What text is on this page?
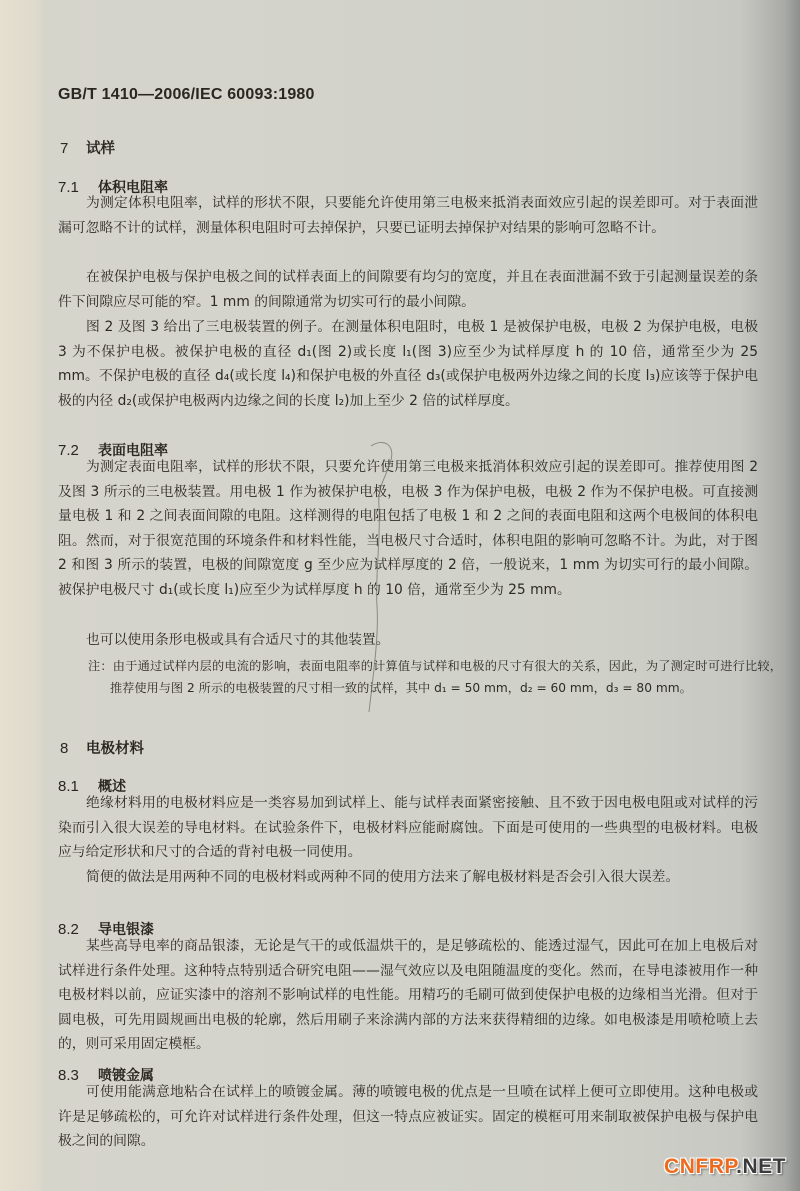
GB/T 1410—2006/IEC 60093:1980
7 试样
7.1 体积电阻率

为测定体积电阻率，试样的形状不限，只要能允许使用第三电极来抵消表面效应引起的误差即可。对于表面泄漏可忽略不计的试样，测量体积电阻时可去掉保护，只要已证明去掉保护对结果的影响可忽略不计。

在被保护电极与保护电极之间的试样表面上的间隙要有均匀的宽度，并且在表面泄漏不致于引起测量误差的条件下间隙应尽可能的窄。1 mm 的间隙通常为切实可行的最小间隙。

图 2 及图 3 给出了三电极装置的例子。在测量体积电阻时，电极 1 是被保护电极，电极 2 为保护电极，电极 3 为不保护电极。被保护电极的直径 d₁(图 2)或长度 l₁(图 3)应至少为试样厚度 h 的 10 倍，通常至少为 25 mm。不保护电极的直径 d₄(或长度 l₄)和保护电极的外直径 d₃(或保护电极两外边缘之间的长度 l₃)应该等于保护电极的内径 d₂(或保护电极两内边缘之间的长度 l₂)加上至少 2 倍的试样厚度。

7.2 表面电阻率

为测定表面电阻率，试样的形状不限，只要允许使用第三电极来抵消体积效应引起的误差即可。推荐使用图 2 及图 3 所示的三电极装置。用电极 1 作为被保护电极，电极 3 作为保护电极，电极 2 作为不保护电极。可直接测量电极 1 和 2 之间表面间隙的电阻。这样测得的电阻包括了电极 1 和 2 之间的表面电阻和这两个电极间的体积电阻。然而，对于很宽范围的环境条件和材料性能，当电极尺寸合适时，体积电阻的影响可忽略不计。为此，对于图 2 和图 3 所示的装置，电极的间隙宽度 g 至少应为试样厚度的 2 倍，一般说来，1 mm 为切实可行的最小间隙。被保护电极尺寸 d₁(或长度 l₁)应至少为试样厚度 h 的 10 倍，通常至少为 25 mm。

也可以使用条形电极或具有合适尺寸的其他装置。

注：由于通过试样内层的电流的影响，表面电阻率的计算值与试样和电极的尺寸有很大的关系，因此，为了测定时可进行比较，推荐使用与图 2 所示的电极装置的尺寸相一致的试样，其中 d₁ = 50 mm，d₂ = 60 mm，d₃ = 80 mm。

8 电极材料
8.1 概述

绝缘材料用的电极材料应是一类容易加到试样上、能与试样表面紧密接触、且不致于因电极电阻或对试样的污染而引入很大误差的导电材料。在试验条件下，电极材料应能耐腐蚀。下面是可使用的一些典型的电极材料。电极应与给定形状和尺寸的合适的背衬电极一同使用。

简便的做法是用两种不同的电极材料或两种不同的使用方法来了解电极材料是否会引入很大误差。

8.2 导电银漆

某些高导电率的商品银漆，无论是气干的或低温烘干的，是足够疏松的、能透过湿气，因此可在加上电极后对试样进行条件处理。这种特点特别适合研究电阻——湿气效应以及电阻随温度的变化。然而，在导电漆被用作一种电极材料以前，应证实漆中的溶剂不影响试样的电性能。用精巧的毛刷可做到使保护电极的边缘相当光滑。但对于圆电极，可先用圆规画出电极的轮廓，然后用刷子来涂满内部的方法来获得精细的边缘。如电极漆是用喷枪喷上去的，则可采用固定模框。

8.3 喷镀金属

可使用能满意地粘合在试样上的喷镀金属。薄的喷镀电极的优点是一旦喷在试样上便可立即使用。这种电极或许是足够疏松的，可允许对试样进行条件处理，但这一特点应被证实。固定的模框可用来制取被保护电极与保护电极之间的间隙。

CNFRP.NET
